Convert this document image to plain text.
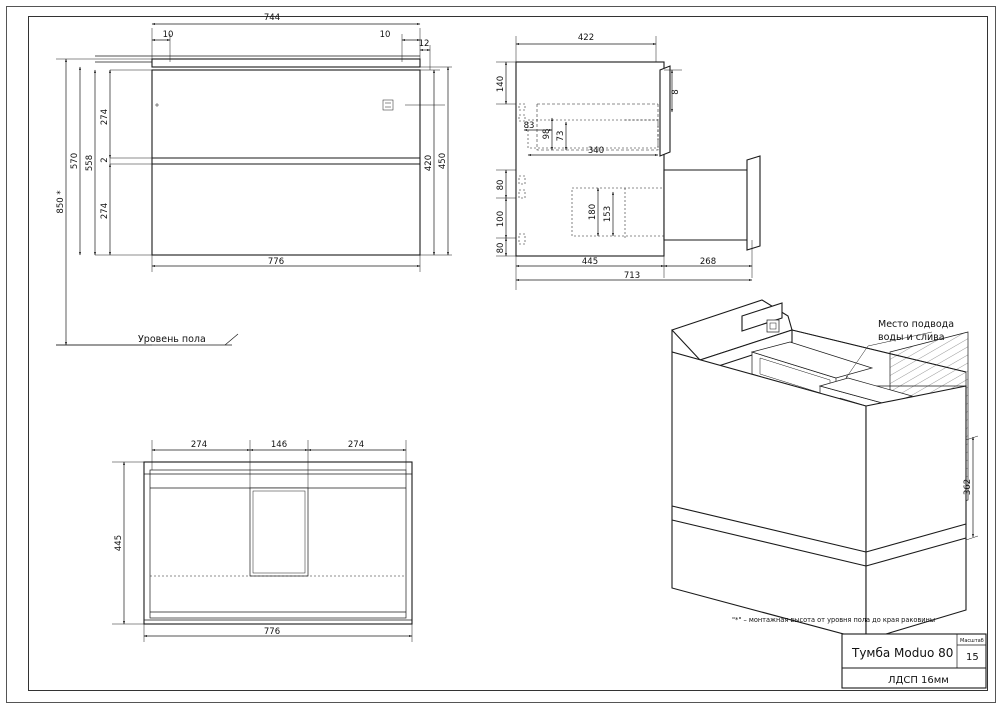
Уровень пола
744
10	10
12
850 *
570 558
274
2
274
450
420
776
422
8
140
80
100
80
83
98 73
340
180 153
445	268
713
274	146	274
445
776
Место подвода
воды и слива
362
"*" – монтажная высота от уровня пола до края раковины
Тумба Moduo 80
Масштаб
15
ЛДСП 16мм
